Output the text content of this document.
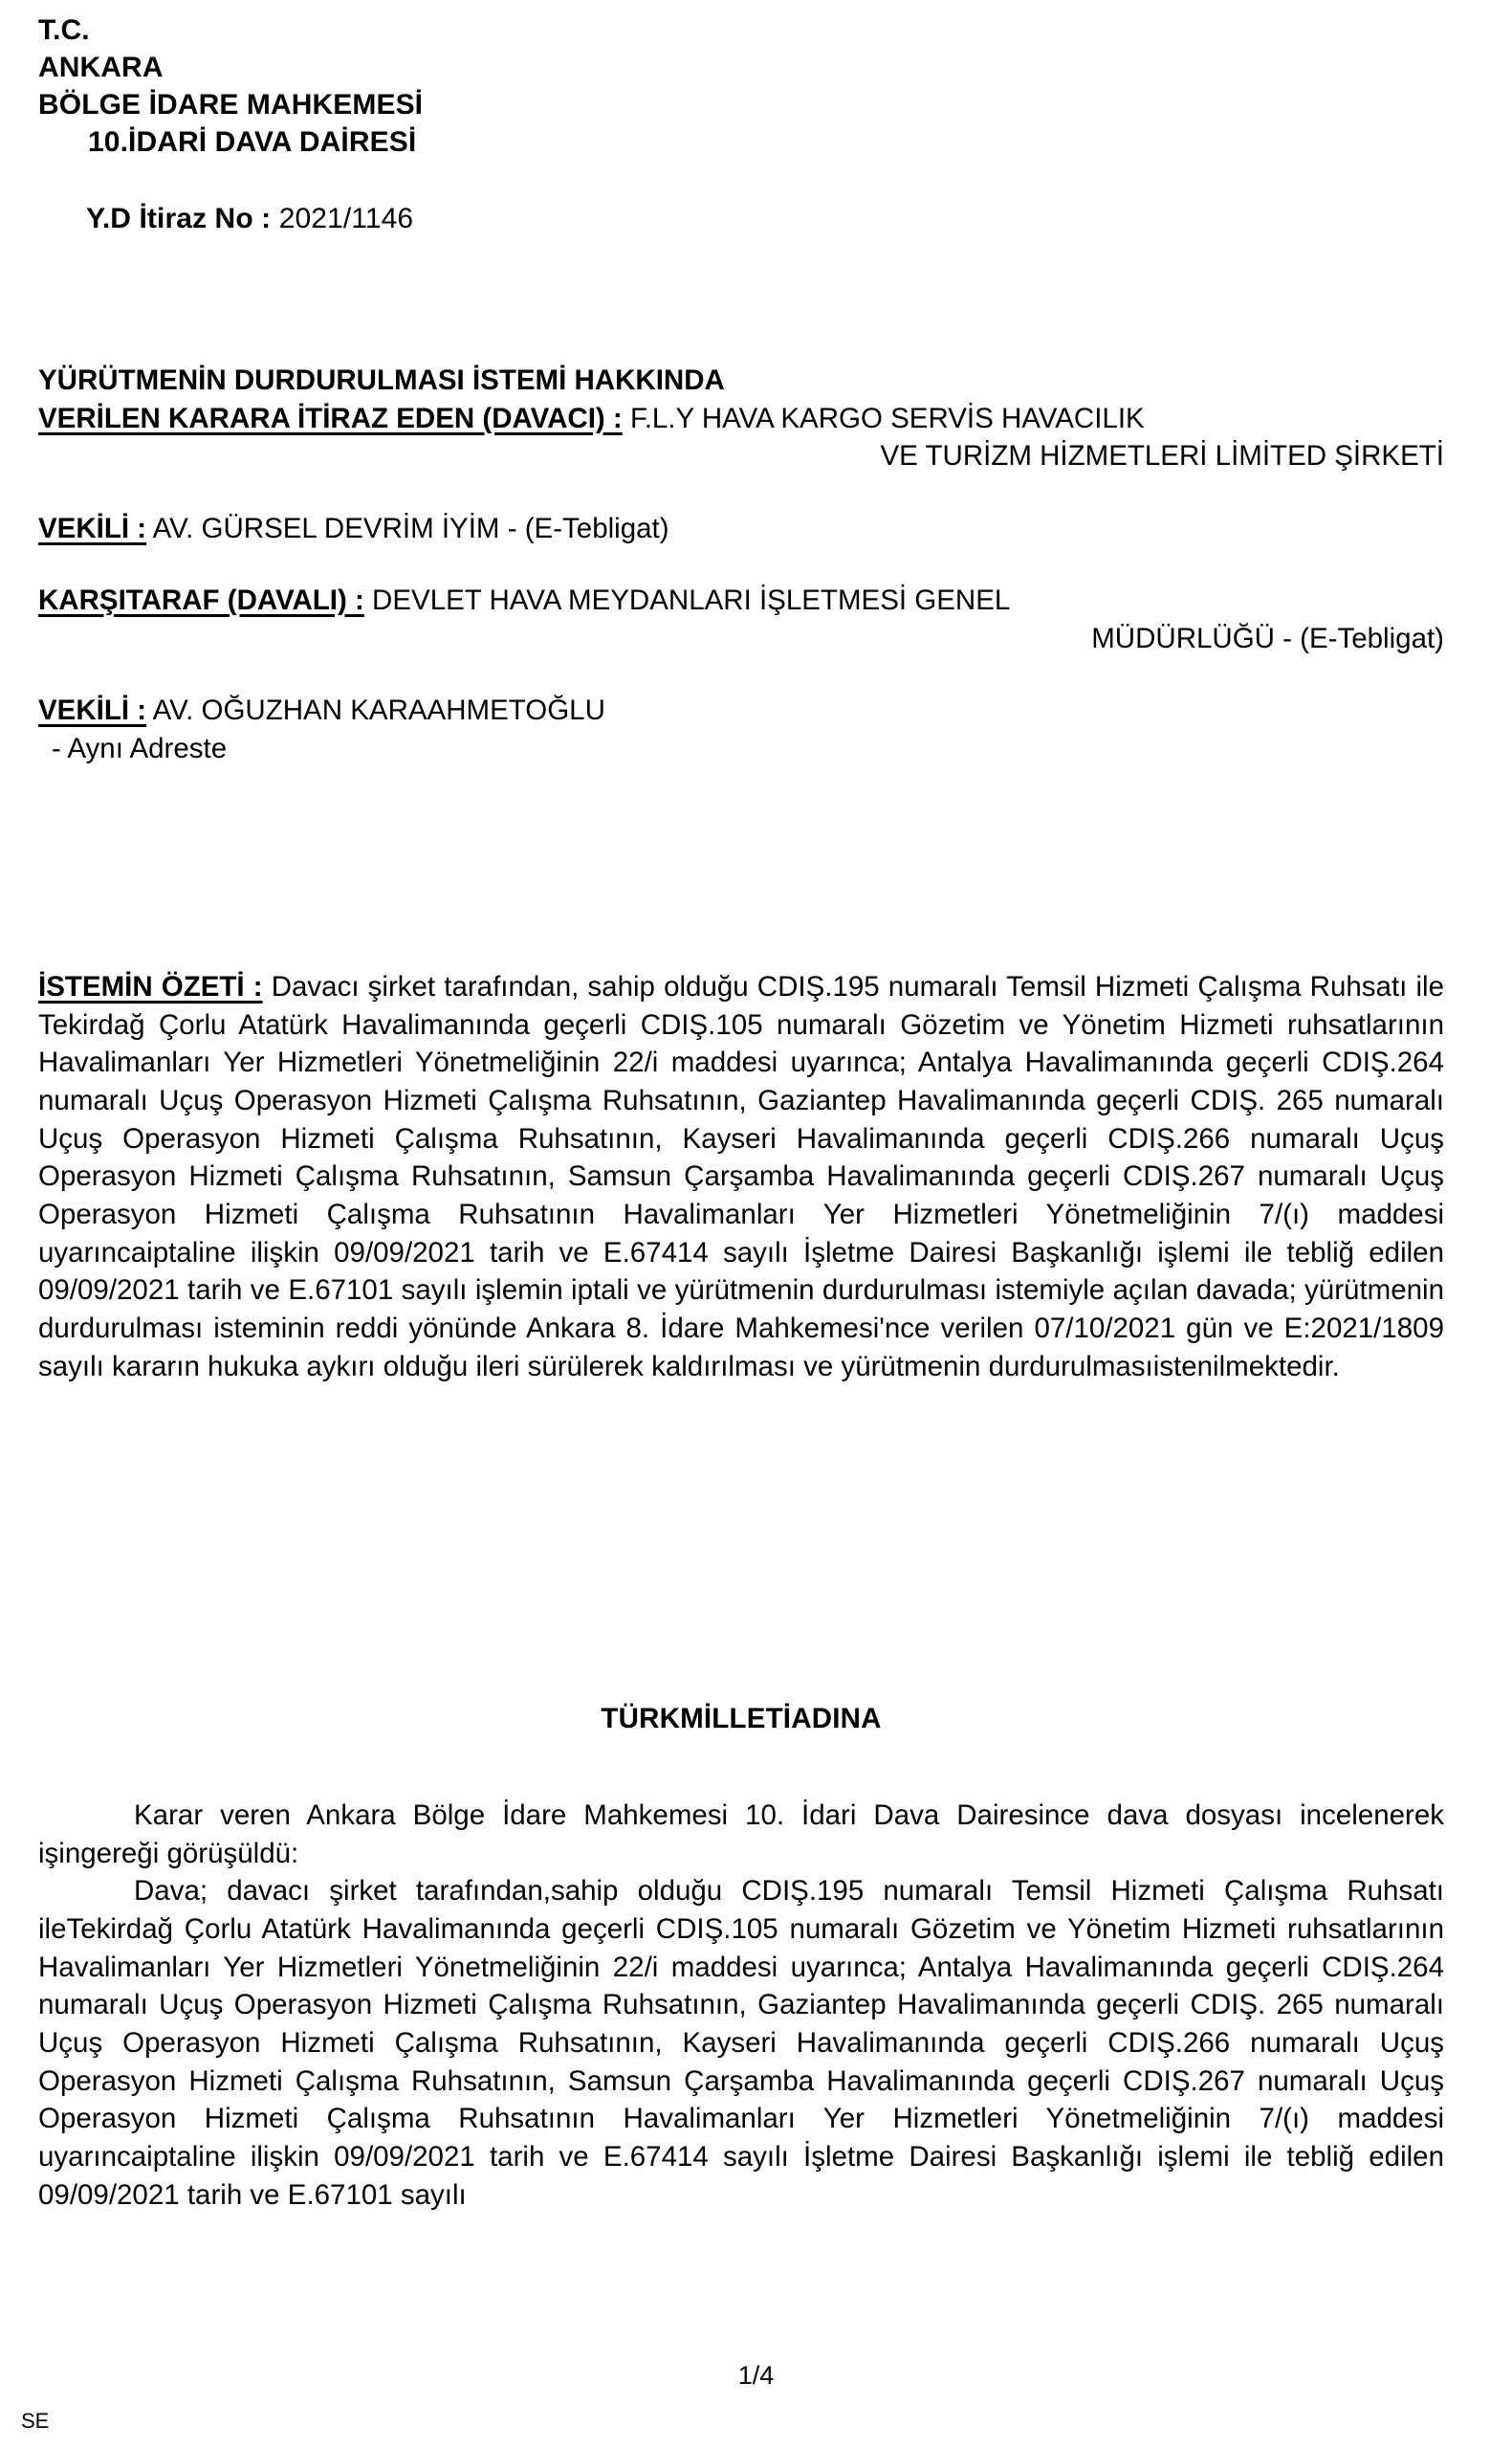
T.C.
ANKARA
BÖLGE İDARE MAHKEMESİ
10.İDARİ DAVA DAİRESİ

Y.D İtiraz No : 2021/1146

YÜRÜTMENİN DURDURULMASI İSTEMİ HAKKINDA
VERİLEN KARARA İTİRAZ EDEN (DAVACI) : F.L.Y HAVA KARGO SERVİS HAVACILIK
VE TURİZM HİZMETLERİ LİMİTED ŞİRKETİ
VEKİLİ : AV. GÜRSEL DEVRİM İYİM - (E-Tebligat)
KARŞITARAF (DAVALI) : DEVLET HAVA MEYDANLARI İŞLETMESİ GENEL
MÜDÜRLÜĞÜ - (E-Tebligat)
VEKİLİ : AV. OĞUZHAN KARAAHMETOĞLU
- Aynı Adreste

İSTEMİN ÖZETİ : Davacı şirket tarafından, sahip olduğu CDIŞ.195 numaralı Temsil Hizmeti Çalışma Ruhsatı ile Tekirdağ Çorlu Atatürk Havalimanında geçerli CDIŞ.105 numaralı Gözetim ve Yönetim Hizmeti ruhsatlarının Havalimanları Yer Hizmetleri Yönetmeliğinin 22/i maddesi uyarınca; Antalya Havalimanında geçerli CDIŞ.264 numaralı Uçuş Operasyon Hizmeti Çalışma Ruhsatının, Gaziantep Havalimanında geçerli CDIŞ. 265 numaralı Uçuş Operasyon Hizmeti Çalışma Ruhsatının, Kayseri Havalimanında geçerli CDIŞ.266 numaralı Uçuş Operasyon Hizmeti Çalışma Ruhsatının, Samsun Çarşamba Havalimanında geçerli CDIŞ.267 numaralı Uçuş Operasyon Hizmeti Çalışma Ruhsatının Havalimanları Yer Hizmetleri Yönetmeliğinin 7/(ı) maddesi uyarıncaiptaline ilişkin 09/09/2021 tarih ve E.67414 sayılı İşletme Dairesi Başkanlığı işlemi ile tebliğ edilen 09/09/2021 tarih ve E.67101 sayılı işlemin iptali ve yürütmenin durdurulması istemiyle açılan davada; yürütmenin durdurulması isteminin reddi yönünde Ankara 8. İdare Mahkemesi'nce verilen 07/10/2021 gün ve E:2021/1809 sayılı kararın hukuka aykırı olduğu ileri sürülerek kaldırılması ve yürütmenin durdurulmasıistenilmektedir.

TÜRKMİLLETİADINA

Karar veren Ankara Bölge İdare Mahkemesi 10. İdari Dava Dairesince dava dosyası incelenerek işingereği görüşüldü:

Dava; davacı şirket tarafından,sahip olduğu CDIŞ.195 numaralı Temsil Hizmeti Çalışma Ruhsatı ileTekirdağ Çorlu Atatürk Havalimanında geçerli CDIŞ.105 numaralı Gözetim ve Yönetim Hizmeti ruhsatlarının Havalimanları Yer Hizmetleri Yönetmeliğinin 22/i maddesi uyarınca; Antalya Havalimanında geçerli CDIŞ.264 numaralı Uçuş Operasyon Hizmeti Çalışma Ruhsatının, Gaziantep Havalimanında geçerli CDIŞ. 265 numaralı Uçuş Operasyon Hizmeti Çalışma Ruhsatının, Kayseri Havalimanında geçerli CDIŞ.266 numaralı Uçuş Operasyon Hizmeti Çalışma Ruhsatının, Samsun Çarşamba Havalimanında geçerli CDIŞ.267 numaralı Uçuş Operasyon Hizmeti Çalışma Ruhsatının Havalimanları Yer Hizmetleri Yönetmeliğinin 7/(ı) maddesi uyarıncaiptaline ilişkin 09/09/2021 tarih ve E.67414 sayılı İşletme Dairesi Başkanlığı işlemi ile tebliğ edilen 09/09/2021 tarih ve E.67101 sayılı

1/4
SE
